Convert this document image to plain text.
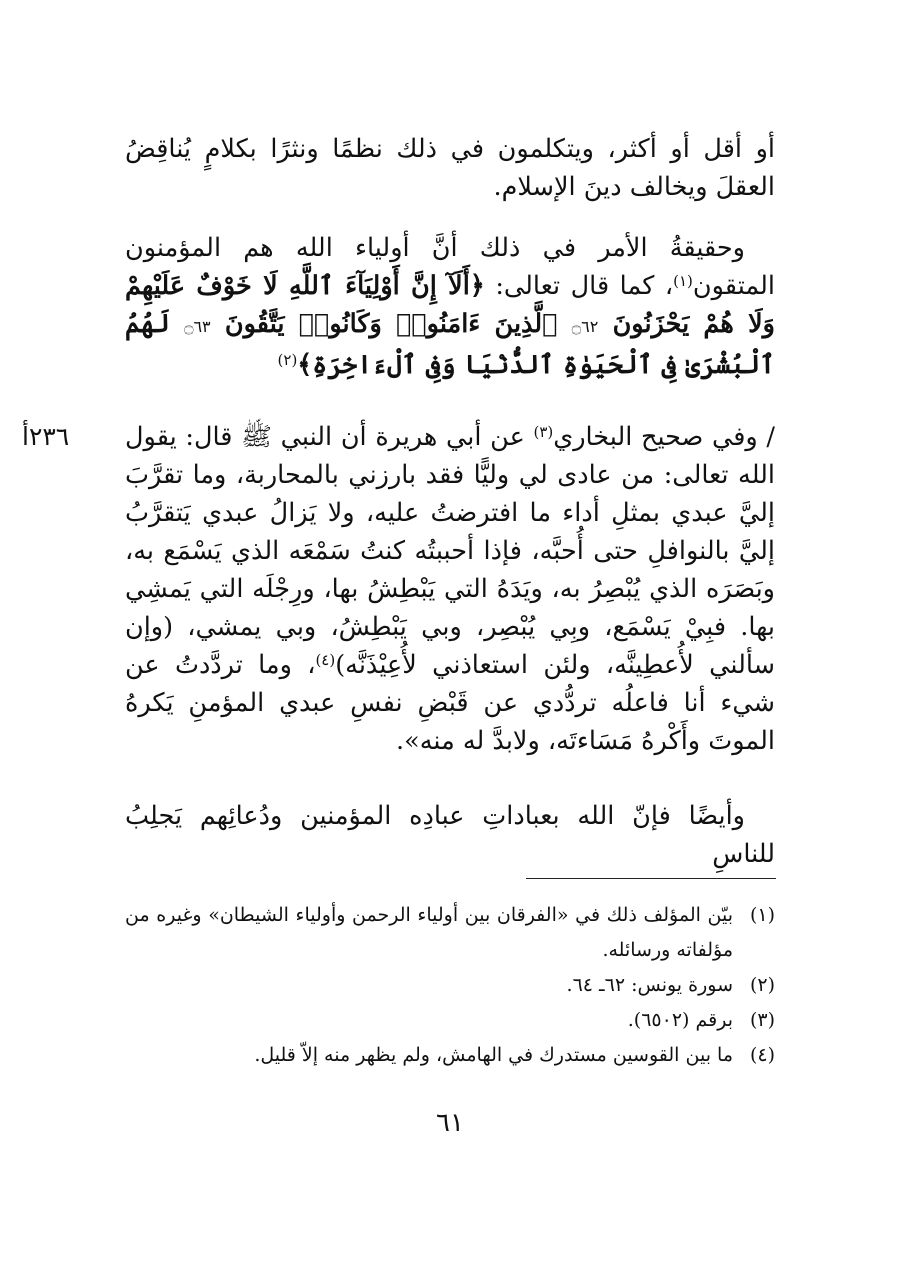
أو أقل أو أكثر، ويتكلمون في ذلك نظمًا ونثرًا بكلامٍ يُناقِضُ العقلَ ويخالف دينَ الإسلام.

وحقيقةُ الأمر في ذلك أنَّ أولياء الله هم المؤمنون المتقون$^{(١)}$، كما قال تعالى: ﴿أَلَآ إِنَّ أَوْلِيَآءَ ٱللَّهِ لَا خَوْفٌ عَلَيْهِمْ وَلَا هُمْ يَحْزَنُونَ ۝٦٢ ٱلَّذِينَ ءَامَنُوا۟ وَكَانُوا۟ يَتَّقُونَ ۝٦٣ لَهُمُ ٱلْبُشْرَىٰ فِى ٱلْحَيَوٰةِ ٱلدُّنْيَا وَفِى ٱلْءَاخِرَةِ﴾$^{(٢)}$

٢٣٦أ	/ وفي صحيح البخاري$^{(٣)}$ عن أبي هريرة أن النبي ﷺ قال: يقول الله تعالى: من عادى لي وليًّا فقد بارزني بالمحاربة، وما تقرَّبَ إليَّ عبدي بمثلِ أداء ما افترضتُ عليه، ولا يَزالُ عبدي يَتقرَّبُ إليَّ بالنوافلِ حتى أُحبَّه، فإذا أحببتُه كنتُ سَمْعَه الذي يَسْمَع به، وبَصَرَه الذي يُبْصِرُ به، ويَدَهُ التي يَبْطِشُ بها، ورِجْلَه التي يَمشِي بها. فبِيْ يَسْمَع، وبِي يُبْصِر، وبي يَبْطِشُ، وبي يمشي، (وإن سألني لأُعطِينَّه، ولئن استعاذني لأُعِيْذَنَّه)$^{(٤)}$، وما تردَّدتُ عن شيء أنا فاعلُه تردُّدي عن قَبْضِ نفسِ عبدي المؤمنِ يَكرهُ الموتَ وأَكْرهُ مَسَاءتَه، ولابدَّ له منه».

وأيضًا فإنّ الله بعباداتِ عبادِه المؤمنين ودُعائِهم يَجلِبُ للناسِ

(١)
بيّن المؤلف ذلك في «الفرقان بين أولياء الرحمن وأولياء الشيطان» وغيره من مؤلفاته ورسائله.
(٢)
سورة يونس: ٦٢ـ ٦٤.
(٣)
برقم (٦٥٠٢).
(٤)
ما بين القوسين مستدرك في الهامش، ولم يظهر منه إلاّ قليل.
٦١
